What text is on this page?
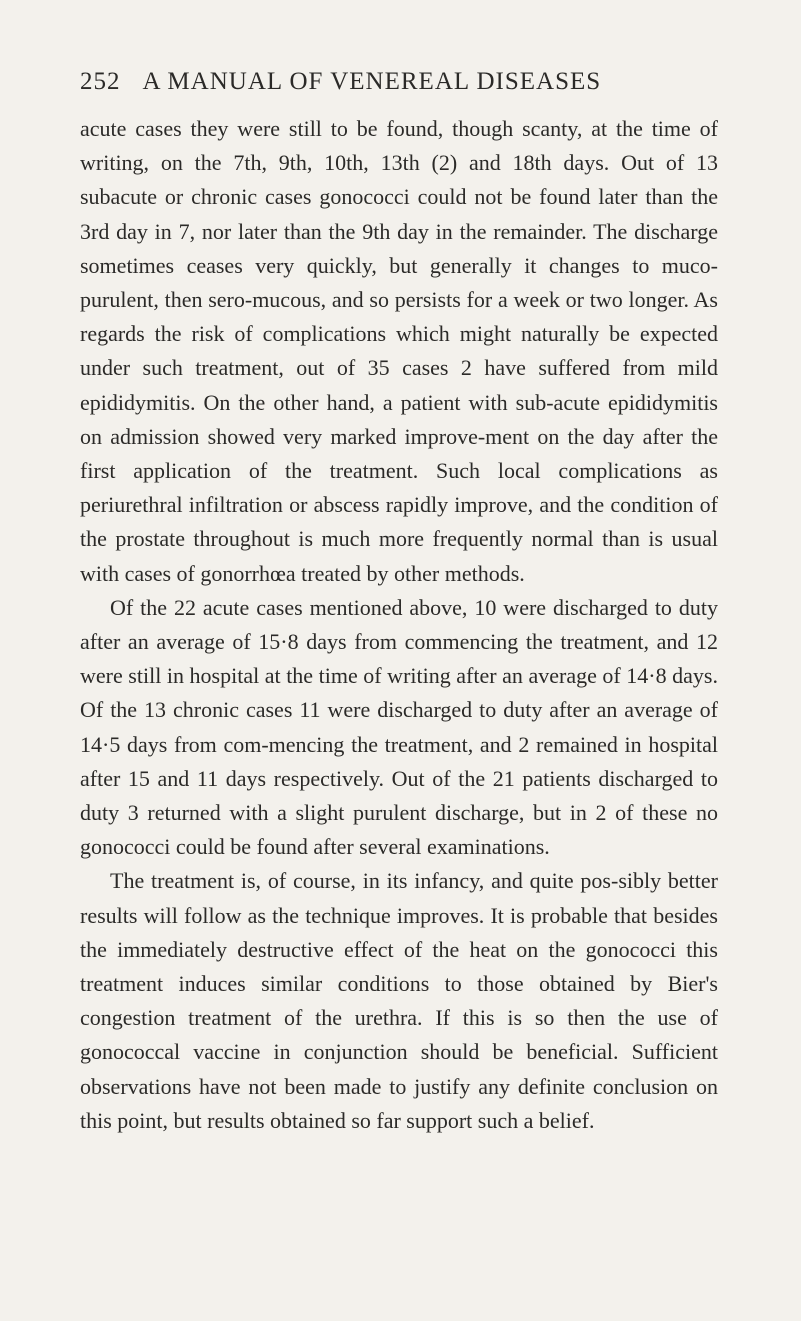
252 A MANUAL OF VENEREAL DISEASES

acute cases they were still to be found, though scanty, at the time of writing, on the 7th, 9th, 10th, 13th (2) and 18th days. Out of 13 subacute or chronic cases gonococci could not be found later than the 3rd day in 7, nor later than the 9th day in the remainder. The discharge sometimes ceases very quickly, but generally it changes to muco-purulent, then sero-mucous, and so persists for a week or two longer. As regards the risk of complications which might naturally be expected under such treatment, out of 35 cases 2 have suffered from mild epididymitis. On the other hand, a patient with sub-acute epididymitis on admission showed very marked improve-ment on the day after the first application of the treatment. Such local complications as periurethral infiltration or abscess rapidly improve, and the condition of the prostate throughout is much more frequently normal than is usual with cases of gonorrhœa treated by other methods.

Of the 22 acute cases mentioned above, 10 were discharged to duty after an average of 15·8 days from commencing the treatment, and 12 were still in hospital at the time of writing after an average of 14·8 days. Of the 13 chronic cases 11 were discharged to duty after an average of 14·5 days from com-mencing the treatment, and 2 remained in hospital after 15 and 11 days respectively. Out of the 21 patients discharged to duty 3 returned with a slight purulent discharge, but in 2 of these no gonococci could be found after several examinations.

The treatment is, of course, in its infancy, and quite pos-sibly better results will follow as the technique improves. It is probable that besides the immediately destructive effect of the heat on the gonococci this treatment induces similar conditions to those obtained by Bier's congestion treatment of the urethra. If this is so then the use of gonococcal vaccine in conjunction should be beneficial. Sufficient observations have not been made to justify any definite conclusion on this point, but results obtained so far support such a belief.
